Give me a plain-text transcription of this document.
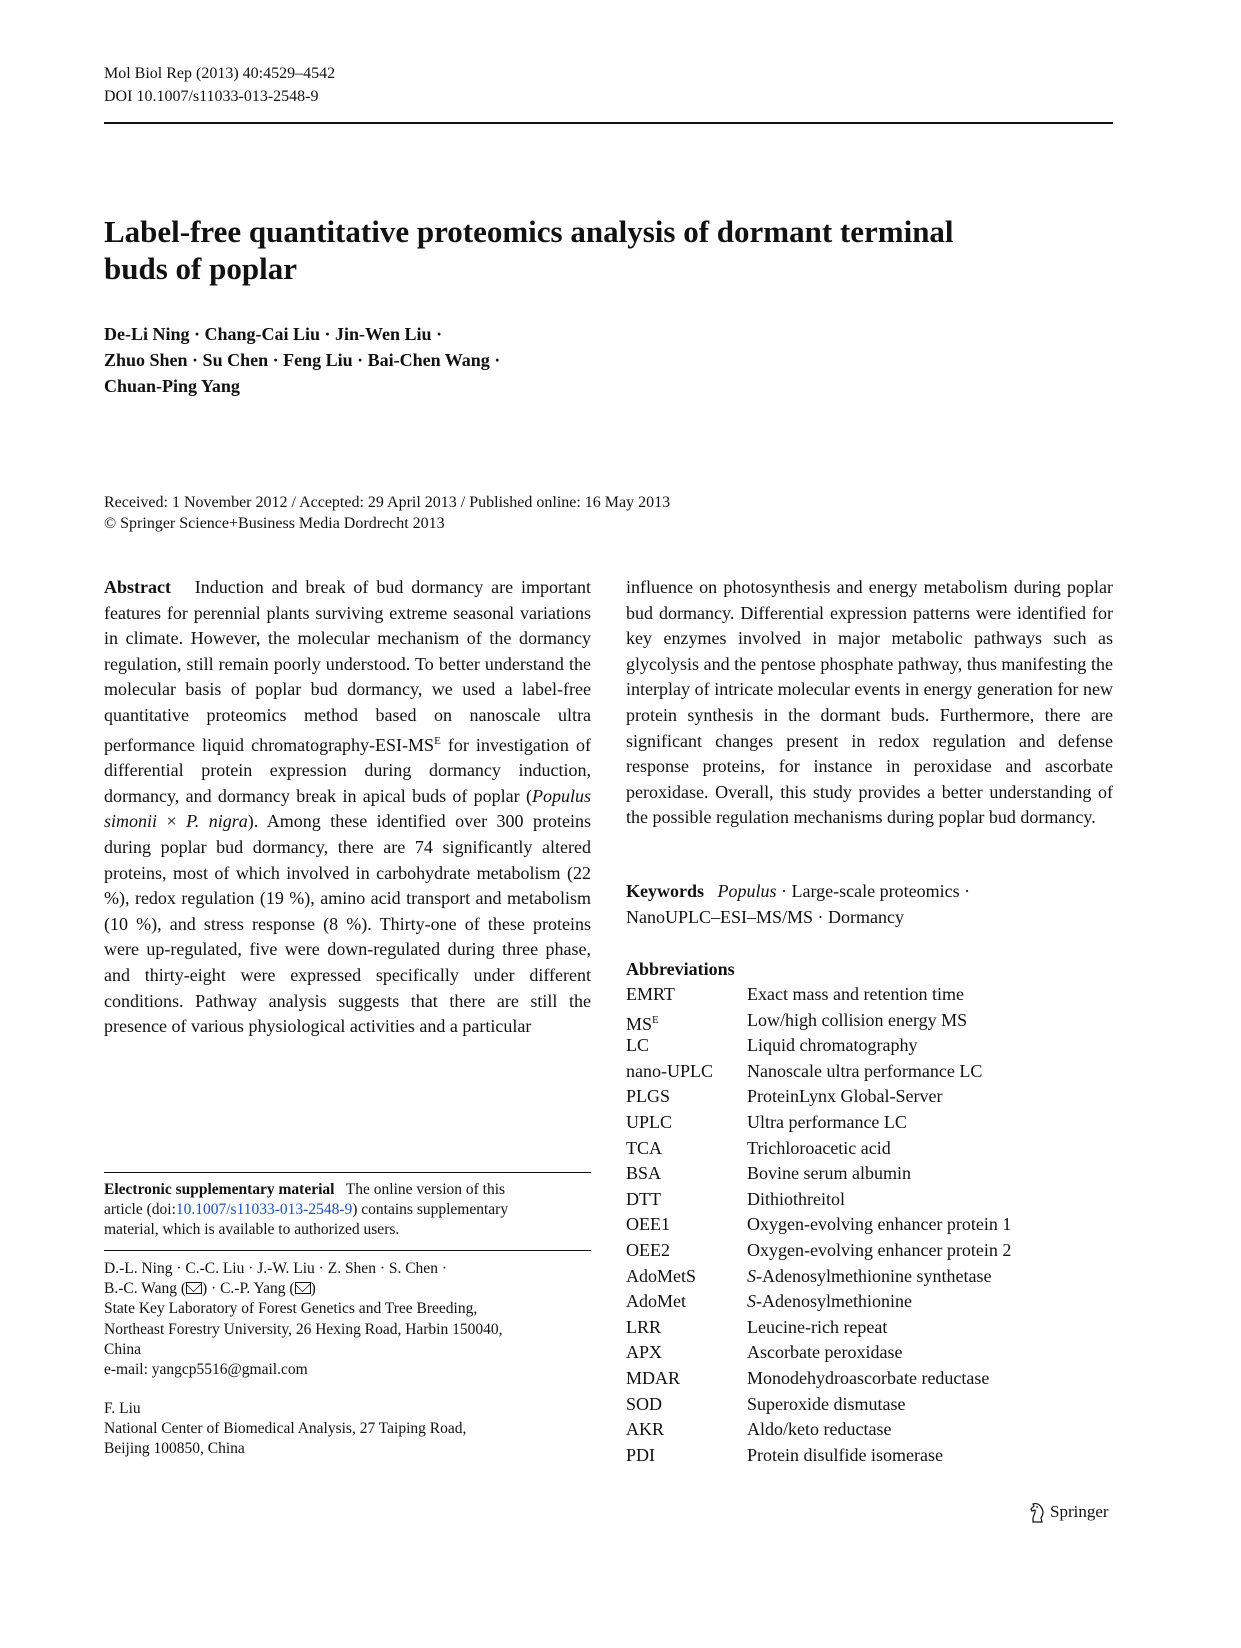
Mol Biol Rep (2013) 40:4529–4542
DOI 10.1007/s11033-013-2548-9
Label-free quantitative proteomics analysis of dormant terminal
buds of poplar
De-Li Ning · Chang-Cai Liu · Jin-Wen Liu ·
Zhuo Shen · Su Chen · Feng Liu · Bai-Chen Wang ·
Chuan-Ping Yang
Received: 1 November 2012 / Accepted: 29 April 2013 / Published online: 16 May 2013
© Springer Science+Business Media Dordrecht 2013
Abstract Induction and break of bud dormancy are important features for perennial plants surviving extreme seasonal variations in climate. However, the molecular mechanism of the dormancy regulation, still remain poorly understood. To better understand the molecular basis of poplar bud dormancy, we used a label-free quantitative proteomics method based on nanoscale ultra performance liquid chromatography-$ESI-MS^E$ for investigation of differential protein expression during dormancy induction, dormancy, and dormancy break in apical buds of poplar (Populus simonii × P. nigra). Among these identified over 300 proteins during poplar bud dormancy, there are 74 significantly altered proteins, most of which involved in carbohydrate metabolism (22 %), redox regulation (19 %), amino acid transport and metabolism (10 %), and stress response (8 %). Thirty-one of these proteins were up-regulated, five were down-regulated during three phase, and thirty-eight were expressed specifically under different conditions. Pathway analysis suggests that there are still the presence of various physiological activities and a particular
influence on photosynthesis and energy metabolism during poplar bud dormancy. Differential expression patterns were identified for key enzymes involved in major metabolic pathways such as glycolysis and the pentose phosphate pathway, thus manifesting the interplay of intricate molecular events in energy generation for new protein synthesis in the dormant buds. Furthermore, there are significant changes present in redox regulation and defense response proteins, for instance in peroxidase and ascorbate peroxidase. Overall, this study provides a better understanding of the possible regulation mechanisms during poplar bud dormancy.
Keywords Populus · Large-scale proteomics ·
NanoUPLC–ESI–MS/MS · Dormancy
Abbreviations
EMRT	Exact mass and retention time
$MS^E$	Low/high collision energy MS
LC	Liquid chromatography
nano-UPLC	Nanoscale ultra performance LC
PLGS	ProteinLynx Global-Server
UPLC	Ultra performance LC
TCA	Trichloroacetic acid
BSA	Bovine serum albumin
DTT	Dithiothreitol
OEE1	Oxygen-evolving enhancer protein 1
OEE2	Oxygen-evolving enhancer protein 2
AdoMetS	S-Adenosylmethionine synthetase
AdoMet	S-Adenosylmethionine
LRR	Leucine-rich repeat
APX	Ascorbate peroxidase
MDAR	Monodehydroascorbate reductase
SOD	Superoxide dismutase
AKR	Aldo/keto reductase
PDI	Protein disulfide isomerase
Electronic supplementary material   The online version of this
article (doi:10.1007/s11033-013-2548-9) contains supplementary
material, which is available to authorized users.
D.-L. Ning · C.-C. Liu · J.-W. Liu · Z. Shen · S. Chen ·
B.-C. Wang ( ) · C.-P. Yang ( )
State Key Laboratory of Forest Genetics and Tree Breeding,
Northeast Forestry University, 26 Hexing Road, Harbin 150040,
China
e-mail: yangcp5516@gmail.com
F. Liu
National Center of Biomedical Analysis, 27 Taiping Road,
Beijing 100850, China
Springer
